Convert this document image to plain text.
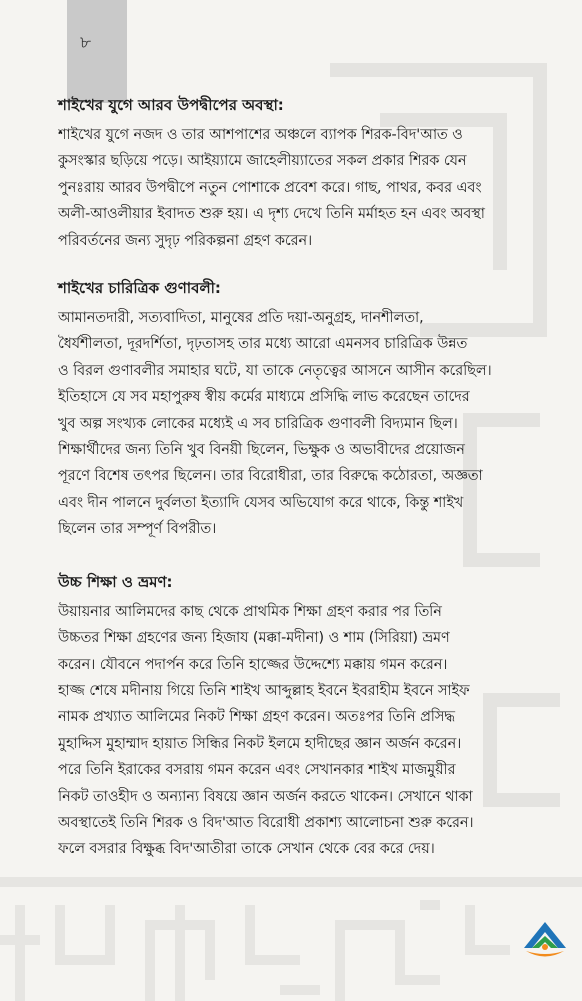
৮
শাইখের যুগে আরব উপদ্বীপের অবস্থা:

শাইখের যুগে নজদ ও তার আশপাশের অঞ্চলে ব্যাপক শিরক-বিদ'আত ও
কুসংস্কার ছড়িয়ে পড়ে। আইয়্যামে জাহেলীয়্যাতের সকল প্রকার শিরক যেন
পুনঃরায় আরব উপদ্বীপে নতুন পোশাকে প্রবেশ করে। গাছ, পাথর, কবর এবং
অলী-আওলীয়ার ইবাদত শুরু হয়। এ দৃশ্য দেখে তিনি মর্মাহত হন এবং অবস্থা
পরিবর্তনের জন্য সুদৃঢ় পরিকল্পনা গ্রহণ করেন।

শাইখের চারিত্রিক গুণাবলী:

আমানতদারী, সত্যবাদিতা, মানুষের প্রতি দয়া-অনুগ্রহ, দানশীলতা,
ধৈর্যশীলতা, দূরদর্শিতা, দৃঢ়তাসহ তার মধ্যে আরো এমনসব চারিত্রিক উন্নত
ও বিরল গুণাবলীর সমাহার ঘটে, যা তাকে নেতৃত্বের আসনে আসীন করেছিল।
ইতিহাসে যে সব মহাপুরুষ স্বীয় কর্মের মাধ্যমে প্রসিদ্ধি লাভ করেছেন তাদের
খুব অল্প সংখ্যক লোকের মধ্যেই এ সব চারিত্রিক গুণাবলী বিদ্যমান ছিল।
শিক্ষার্থীদের জন্য তিনি খুব বিনয়ী ছিলেন, ভিক্ষুক ও অভাবীদের প্রয়োজন
পূরণে বিশেষ তৎপর ছিলেন। তার বিরোধীরা, তার বিরুদ্ধে কঠোরতা, অজ্ঞতা
এবং দীন পালনে দুর্বলতা ইত্যাদি যেসব অভিযোগ করে থাকে, কিন্তু শাইখ
ছিলেন তার সম্পূর্ণ বিপরীত।

উচ্চ শিক্ষা ও ভ্রমণ:

উয়ায়নার আলিমদের কাছ থেকে প্রাথমিক শিক্ষা গ্রহণ করার পর তিনি
উচ্চতর শিক্ষা গ্রহণের জন্য হিজায (মক্কা-মদীনা) ও শাম (সিরিয়া) ভ্রমণ
করেন। যৌবনে পদার্পন করে তিনি হাজ্জের উদ্দেশ্যে মক্কায় গমন করেন।
হাজ্জ শেষে মদীনায় গিয়ে তিনি শাইখ আব্দুল্লাহ ইবনে ইবরাহীম ইবনে সাইফ
নামক প্রখ্যাত আলিমের নিকট শিক্ষা গ্রহণ করেন। অতঃপর তিনি প্রসিদ্ধ
মুহাদ্দিস মুহাম্মাদ হায়াত সিন্ধির নিকট ইলমে হাদীছের জ্ঞান অর্জন করেন।
পরে তিনি ইরাকের বসরায় গমন করেন এবং সেখানকার শাইখ মাজমুয়ীর
নিকট তাওহীদ ও অন্যান্য বিষয়ে জ্ঞান অর্জন করতে থাকেন। সেখানে থাকা
অবস্থাতেই তিনি শিরক ও বিদ'আত বিরোধী প্রকাশ্য আলোচনা শুরু করেন।
ফলে বসরার বিক্ষুব্ধ বিদ'আতীরা তাকে সেখান থেকে বের করে দেয়।
